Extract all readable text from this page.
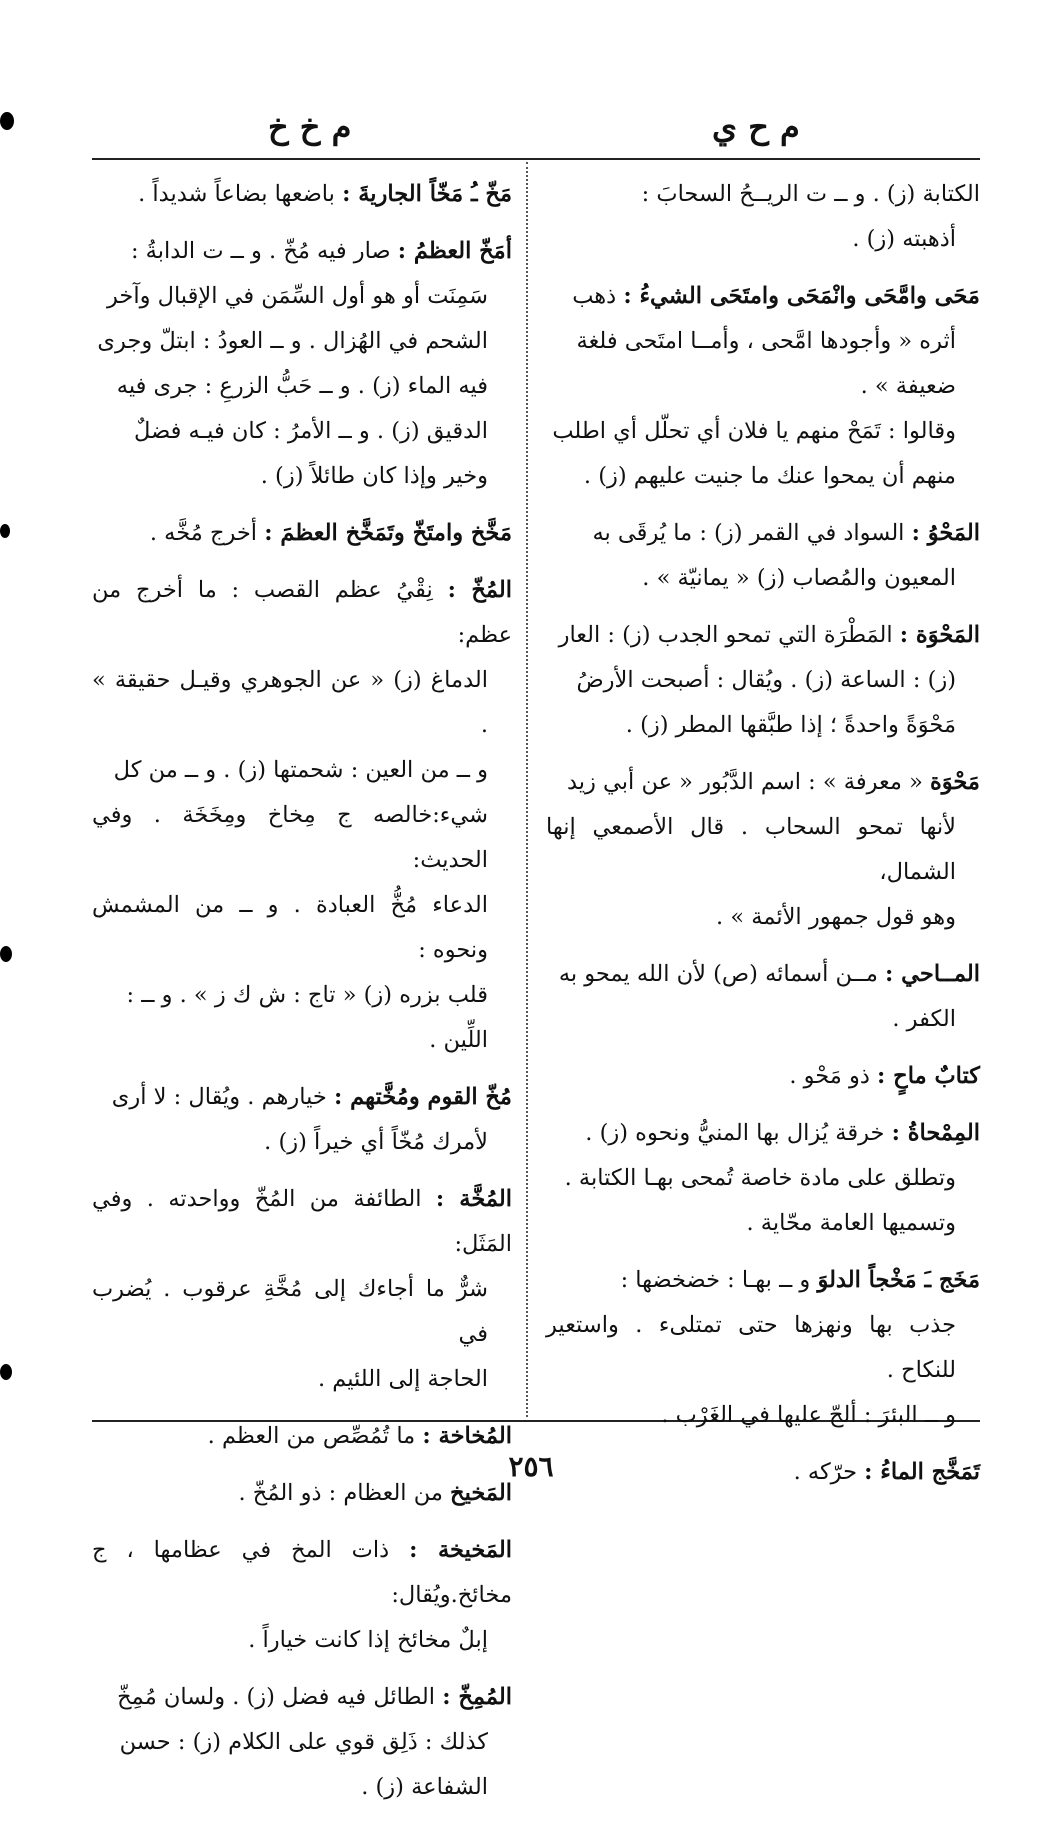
م ح ي
م خ خ
الكتابة (ز) . و ــ ت الريــحُ السحابَ :
أذهبته (ز) .
مَحَى وامَّحَى وانْمَحَى وامتَحَى الشيءُ : ذهب
أثره « وأجودها امَّحى ، وأمــا امتَحى فلغة
ضعيفة » .
وقالوا : تَمَحْ منهم يا فلان أي تحلّل أي اطلب
منهم أن يمحوا عنك ما جنيت عليهم (ز) .
المَحْوُ : السواد في القمر (ز) : ما يُرقَى به
المعيون والمُصاب (ز) « يمانيّة » .
المَحْوَة : المَطْرَة التي تمحو الجدب (ز) : العار
(ز) : الساعة (ز) . ويُقال : أصبحت الأرضُ
مَحْوَةً واحدةً ؛ إذا طبَّقها المطر (ز) .
مَحْوَة « معرفة » : اسم الدَّبُور « عن أبي زيد
لأنها تمحو السحاب . قال الأصمعي إنها الشمال،
وهو قول جمهور الأئمة » .
المــاحي : مــن أسمائه (ص) لأن الله يمحو به
الكفر .
كتابٌ ماحٍ : ذو مَحْو .
المِمْحاةُ : خرقة يُزال بها المنيُّ ونحوه (ز) .
وتطلق على مادة خاصة تُمحى بهـا الكتابة .
وتسميها العامة محّاية .
مَخَج ـَ مَخْجاً الدلوَ و ــ بهـا : خضخضها :
جذب بها ونهزها حتى تمتلىء . واستعير للنكاح .
و ــ البئرَ : ألحّ عليها في الغَرْب .
تَمَخَّج الماءُ : حرّكه .
مَخّ ـُ مَخّاً الجاريةَ : باضعها بضاعاً شديداً .
أمَخّ العظمُ : صار فيه مُخّ . و ــ ت الدابةُ :
سَمِنَت أو هو أول السِّمَن في الإقبال وآخر
الشحم في الهُزال . و ــ العودُ : ابتلّ وجرى
فيه الماء (ز) . و ــ حَبُّ الزرعِ : جرى فيه
الدقيق (ز) . و ــ الأمرُ : كان فيـه فضلٌ
وخير وإذا كان طائلاً (ز) .
مَخَّخ وامتَخّ وتَمَخَّخ العظمَ : أخرج مُخَّه .
المُخّ : نِقْيُ عظم القصب : ما أخرج من عظم:
الدماغ (ز) « عن الجوهري وقيـل حقيقة » .
و ــ من العين : شحمتها (ز) . و ــ من كل
شيء:خالصه ج مِخاخ ومِخَخَة . وفي الحديث:
الدعاء مُخُّ العبادة . و ــ من المشمش ونحوه :
قلب بزره (ز) « تاج : ش ك ز » . و ــ :
اللِّين .
مُخّ القوم ومُخَّتهم : خيارهم . ويُقال : لا أرى
لأمرك مُخّاً أي خيراً (ز) .
المُخَّة : الطائفة من المُخّ وواحدته . وفي المَثَل:
شرٌّ ما أجاءك إلى مُخَّةِ عرقوب . يُضرب في
الحاجة إلى اللئيم .
المُخاخة : ما تُمُصِّص من العظم .
المَخيخ من العظام : ذو المُخّ .
المَخيخة : ذات المخ في عظامها ، ج مخائخ.ويُقال:
إبلٌ مخائخ إذا كانت خياراً .
المُمِخّ : الطائل فيه فضل (ز) . ولسان مُمِخّ
كذلك : ذَلِق قوي على الكلام (ز) : حسن
الشفاعة (ز) .
٢٥٦
